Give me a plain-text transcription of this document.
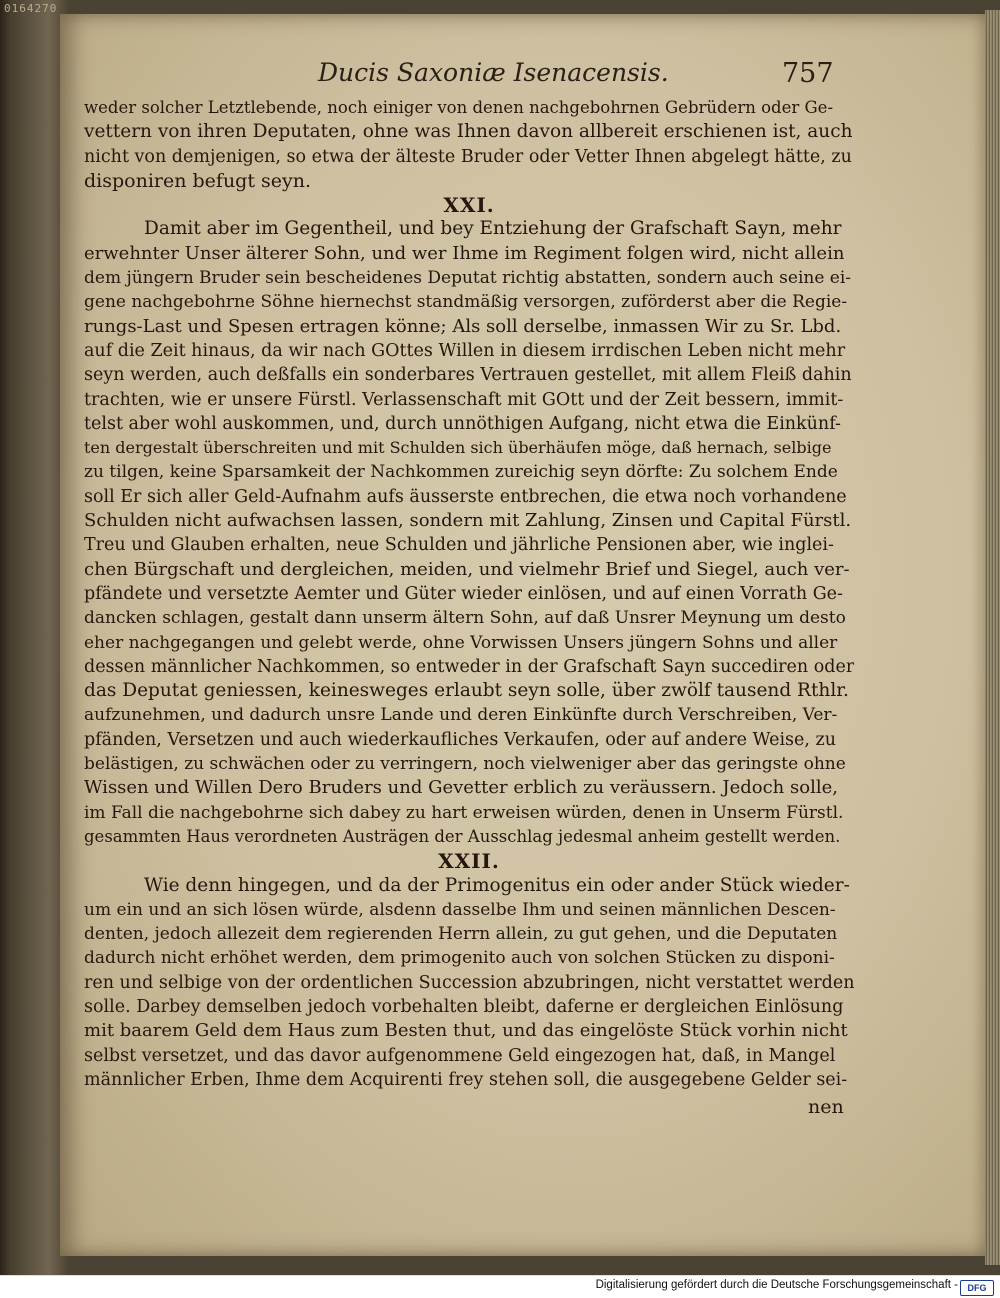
0164270
Ducis Saxoniæ Isenacensis.	757
weder solcher Letztlebende, noch einiger von denen nachgebohrnen Gebrüdern oder Ge-
vettern von ihren Deputaten, ohne was Ihnen davon allbereit erschienen ist, auch
nicht von demjenigen, so etwa der älteste Bruder oder Vetter Ihnen abgelegt hätte, zu
disponiren befugt seyn.
XXI.
Damit aber im Gegentheil, und bey Entziehung der Grafschaft Sayn, mehr
erwehnter Unser älterer Sohn, und wer Ihme im Regiment folgen wird, nicht allein
dem jüngern Bruder sein bescheidenes Deputat richtig abstatten, sondern auch seine ei-
gene nachgebohrne Söhne hiernechst standmäßig versorgen, zuförderst aber die Regie-
rungs-Last und Spesen ertragen könne; Als soll derselbe, inmassen Wir zu Sr. Lbd.
auf die Zeit hinaus, da wir nach GOttes Willen in diesem irrdischen Leben nicht mehr
seyn werden, auch deßfalls ein sonderbares Vertrauen gestellet, mit allem Fleiß dahin
trachten, wie er unsere Fürstl. Verlassenschaft mit GOtt und der Zeit bessern, immit-
telst aber wohl auskommen, und, durch unnöthigen Aufgang, nicht etwa die Einkünf-
ten dergestalt überschreiten und mit Schulden sich überhäufen möge, daß hernach, selbige
zu tilgen, keine Sparsamkeit der Nachkommen zureichig seyn dörfte: Zu solchem Ende
soll Er sich aller Geld-Aufnahm aufs äusserste entbrechen, die etwa noch vorhandene
Schulden nicht aufwachsen lassen, sondern mit Zahlung, Zinsen und Capital Fürstl.
Treu und Glauben erhalten, neue Schulden und jährliche Pensionen aber, wie inglei-
chen Bürgschaft und dergleichen, meiden, und vielmehr Brief und Siegel, auch ver-
pfändete und versetzte Aemter und Güter wieder einlösen, und auf einen Vorrath Ge-
dancken schlagen, gestalt dann unserm ältern Sohn, auf daß Unsrer Meynung um desto
eher nachgegangen und gelebt werde, ohne Vorwissen Unsers jüngern Sohns und aller
dessen männlicher Nachkommen, so entweder in der Grafschaft Sayn succediren oder
das Deputat geniessen, keinesweges erlaubt seyn solle, über zwölf tausend Rthlr.
aufzunehmen, und dadurch unsre Lande und deren Einkünfte durch Verschreiben, Ver-
pfänden, Versetzen und auch wiederkaufliches Verkaufen, oder auf andere Weise, zu
belästigen, zu schwächen oder zu verringern, noch vielweniger aber das geringste ohne
Wissen und Willen Dero Bruders und Gevetter erblich zu veräussern. Jedoch solle,
im Fall die nachgebohrne sich dabey zu hart erweisen würden, denen in Unserm Fürstl.
gesammten Haus verordneten Austrägen der Ausschlag jedesmal anheim gestellt werden.
XXII.
Wie denn hingegen, und da der Primogenitus ein oder ander Stück wieder-
um ein und an sich lösen würde, alsdenn dasselbe Ihm und seinen männlichen Descen-
denten, jedoch allezeit dem regierenden Herrn allein, zu gut gehen, und die Deputaten
dadurch nicht erhöhet werden, dem primogenito auch von solchen Stücken zu disponi-
ren und selbige von der ordentlichen Succession abzubringen, nicht verstattet werden
solle. Darbey demselben jedoch vorbehalten bleibt, daferne er dergleichen Einlösung
mit baarem Geld dem Haus zum Besten thut, und das eingelöste Stück vorhin nicht
selbst versetzet, und das davor aufgenommene Geld eingezogen hat, daß, in Mangel
männlicher Erben, Ihme dem Acquirenti frey stehen soll, die ausgegebene Gelder sei-
nen
Digitalisierung gefördert durch die Deutsche Forschungsgemeinschaft -	DFG
